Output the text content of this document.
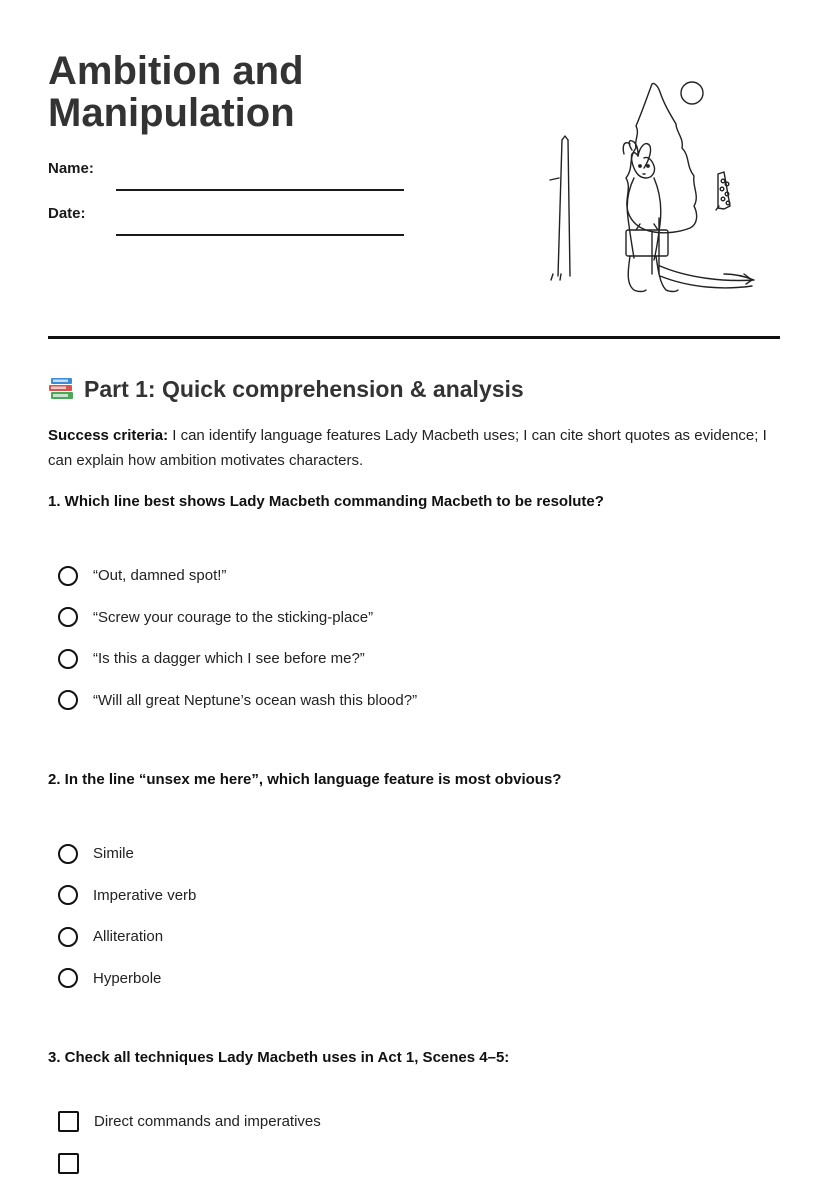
Ambition and Manipulation
Name:
Date:
Part 1: Quick comprehension & analysis

Success criteria: I can identify language features Lady Macbeth uses; I can cite short quotes as evidence; I can explain how ambition motivates characters.

1. Which line best shows Lady Macbeth commanding Macbeth to be resolute?

“Out, damned spot!”
“Screw your courage to the sticking-place”
“Is this a dagger which I see before me?”
“Will all great Neptune’s ocean wash this blood?”

2. In the line “unsex me here”, which language feature is most obvious?

Simile
Imperative verb
Alliteration
Hyperbole

3. Check all techniques Lady Macbeth uses in Act 1, Scenes 4–5:

Direct commands and imperatives
